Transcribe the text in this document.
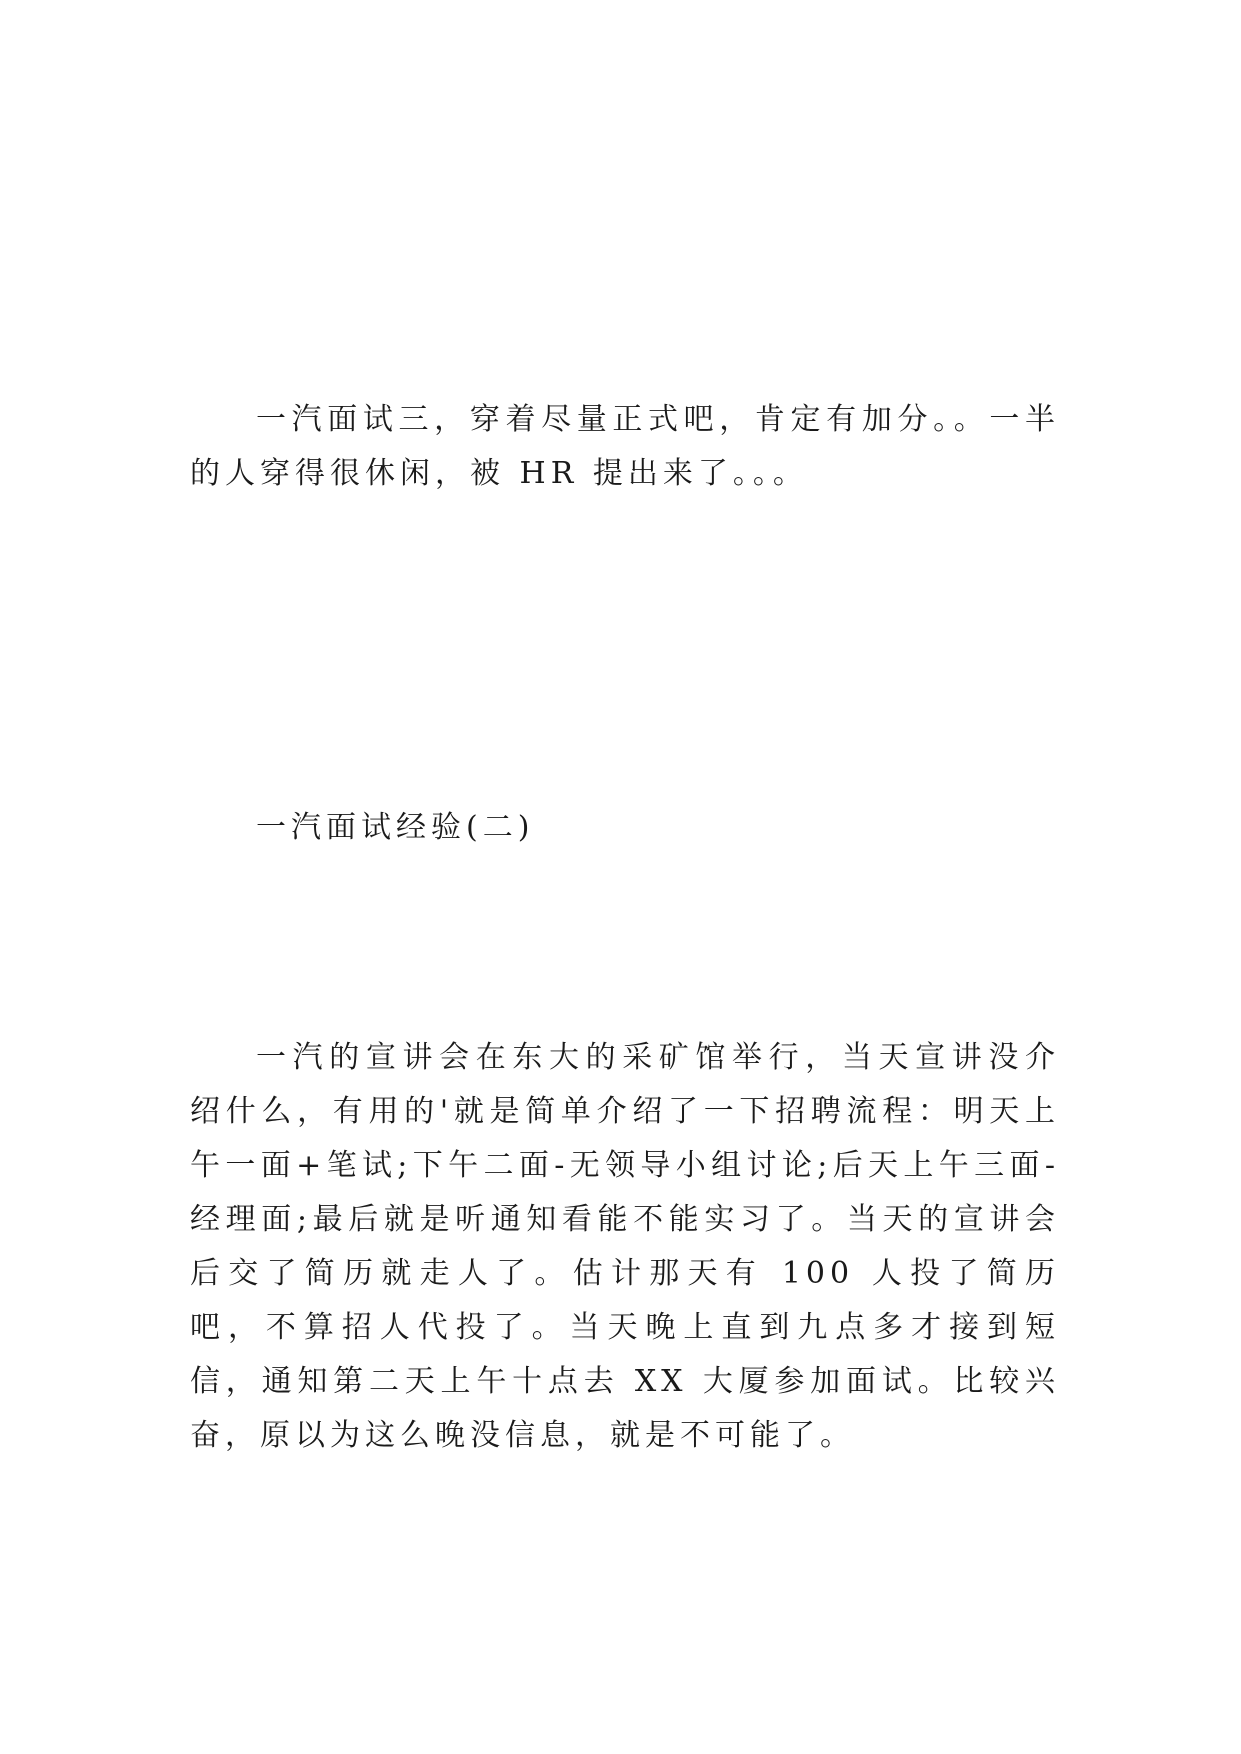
一汽面试三，穿着尽量正式吧，肯定有加分。。一半的人穿得很休闲，被 HR 提出来了。。。

一汽面试经验(二)

一汽的宣讲会在东大的采矿馆举行，当天宣讲没介绍什么，有用的'就是简单介绍了一下招聘流程：明天上午一面+笔试;下午二面-无领导小组讨论;后天上午三面-经理面;最后就是听通知看能不能实习了。当天的宣讲会后交了简历就走人了。估计那天有 100 人投了简历吧，不算招人代投了。当天晚上直到九点多才接到短信，通知第二天上午十点去 XX 大厦参加面试。比较兴奋，原以为这么晚没信息，就是不可能了。
